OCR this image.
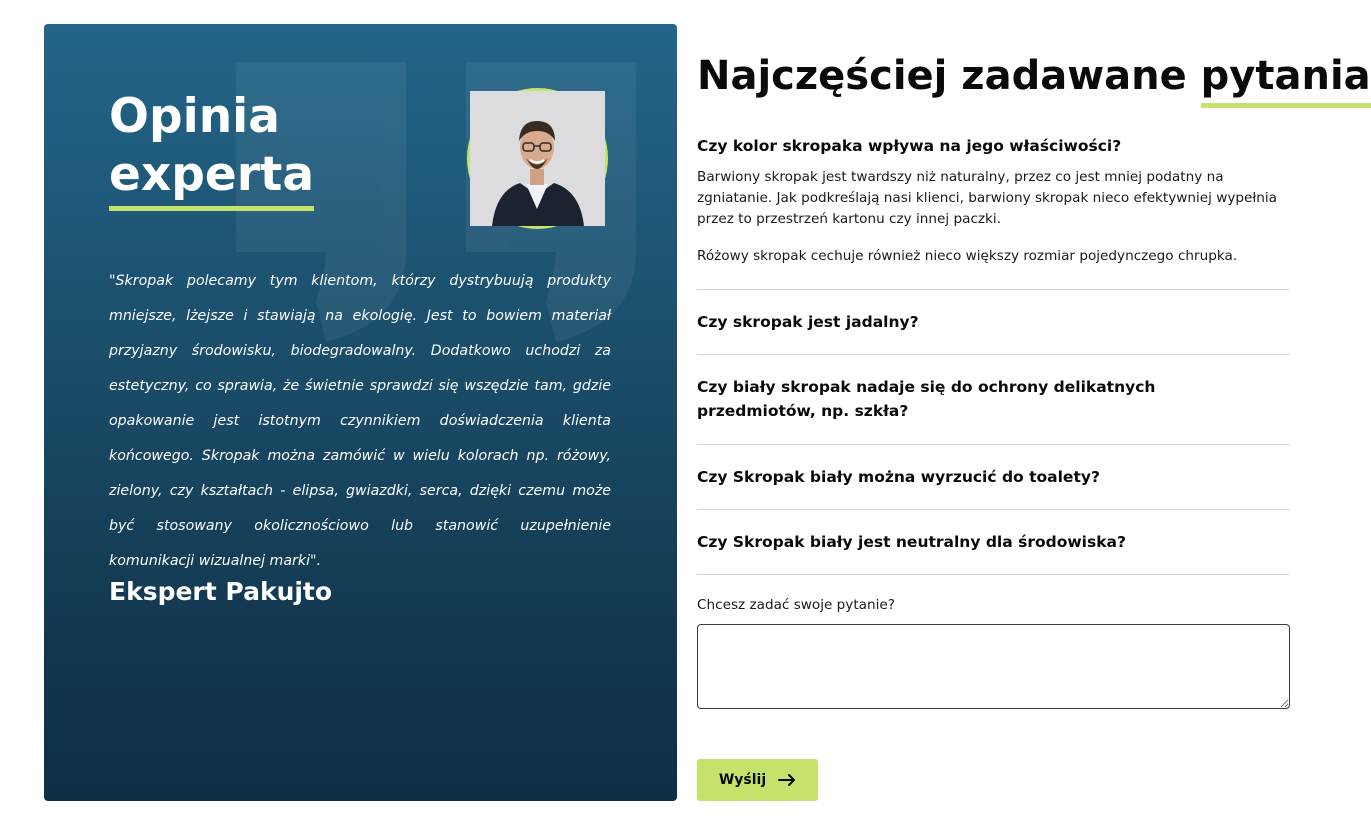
Opinia
experta

"Skropak polecamy tym klientom, którzy dystrybuują produkty mniejsze, lżejsze i stawiają na ekologię. Jest to bowiem materiał przyjazny środowisku, biodegradowalny. Dodatkowo uchodzi za estetyczny, co sprawia, że świetnie sprawdzi się wszędzie tam, gdzie opakowanie jest istotnym czynnikiem doświadczenia klienta końcowego. Skropak można zamówić w wielu kolorach np. różowy, zielony, czy kształtach - elipsa, gwiazdki, serca, dzięki czemu może być stosowany okolicznościowo lub stanowić uzupełnienie komunikacji wizualnej marki".

Ekspert Pakujto
Najczęściej zadawane pytania
Czy kolor skropaka wpływa na jego właściwości?

Barwiony skropak jest twardszy niż naturalny, przez co jest mniej podatny na zgniatanie. Jak podkreślają nasi klienci, barwiony skropak nieco efektywniej wypełnia przez to przestrzeń kartonu czy innej paczki.

Różowy skropak cechuje również nieco większy rozmiar pojedynczego chrupka.

Czy skropak jest jadalny?
Czy biały skropak nadaje się do ochrony delikatnych przedmiotów, np. szkła?
Czy Skropak biały można wyrzucić do toalety?
Czy Skropak biały jest neutralny dla środowiska?
Chcesz zadać swoje pytanie?
Wyślij
